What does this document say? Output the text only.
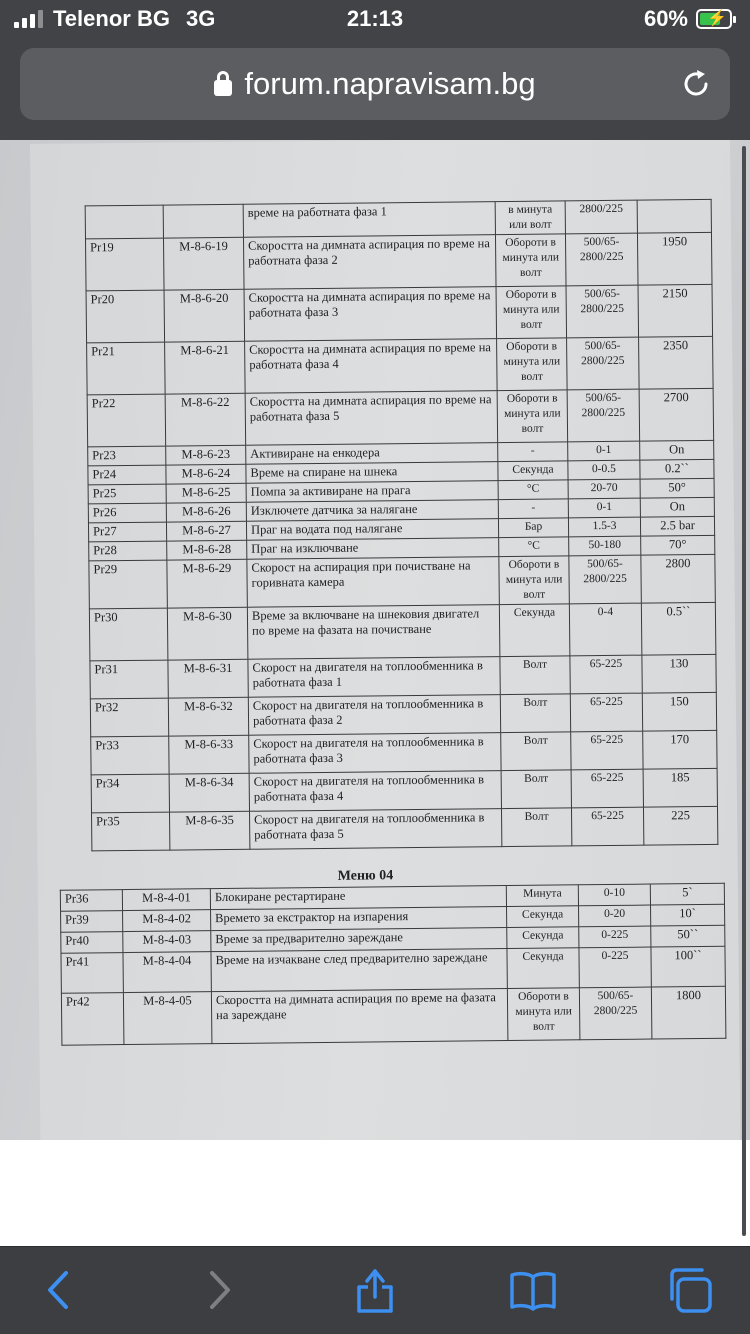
Telenor BG 3G	21:13	60% ⚡
forum.napravisam.bg
		време на работната фаза 1	в минута или волт	2800/225	
Pr19	M-8-6-19	Скоростта на димната аспирация по време на работната фаза 2	Обороти в минута или волт	500/65-2800/225	1950
Pr20	M-8-6-20	Скоростта на димната аспирация по време на работната фаза 3	Обороти в минута или волт	500/65-2800/225	2150
Pr21	M-8-6-21	Скоростта на димната аспирация по време на работната фаза 4	Обороти в минута или волт	500/65-2800/225	2350
Pr22	M-8-6-22	Скоростта на димната аспирация по време на работната фаза 5	Обороти в минута или волт	500/65-2800/225	2700
Pr23	M-8-6-23	Активиране на енкодера	-	0-1	On
Pr24	M-8-6-24	Време на спиране на шнека	Секунда	0-0.5	0.2``
Pr25	M-8-6-25	Помпа за активиране на прага	°C	20-70	50°
Pr26	M-8-6-26	Изключете датчика за налягане	-	0-1	On
Pr27	M-8-6-27	Праг на водата под налягане	Бар	1.5-3	2.5 bar
Pr28	M-8-6-28	Праг на изключване	°C	50-180	70°
Pr29	M-8-6-29	Скорост на аспирация при почистване на горивната камера	Обороти в минута или волт	500/65-2800/225	2800
Pr30	M-8-6-30	Време за включване на шнековия двигател по време на фазата на почистване	Секунда	0-4	0.5``
Pr31	M-8-6-31	Скорост на двигателя на топлообменника в работната фаза 1	Волт	65-225	130
Pr32	M-8-6-32	Скорост на двигателя на топлообменника в работната фаза 2	Волт	65-225	150
Pr33	M-8-6-33	Скорост на двигателя на топлообменника в работната фаза 3	Волт	65-225	170
Pr34	M-8-6-34	Скорост на двигателя на топлообменника в работната фаза 4	Волт	65-225	185
Pr35	M-8-6-35	Скорост на двигателя на топлообменника в работната фаза 5	Волт	65-225	225
Меню 04
Pr36	M-8-4-01	Блокиране рестартиране	Минута	0-10	5`
Pr39	M-8-4-02	Времето за екстрактор на изпарения	Секунда	0-20	10`
Pr40	M-8-4-03	Време за предварително зареждане	Секунда	0-225	50``
Pr41	M-8-4-04	Време на изчакване след предварително зареждане	Секунда	0-225	100``
Pr42	M-8-4-05	Скоростта на димната аспирация по време на фазата на зареждане	Обороти в минута или волт	500/65-2800/225	1800
